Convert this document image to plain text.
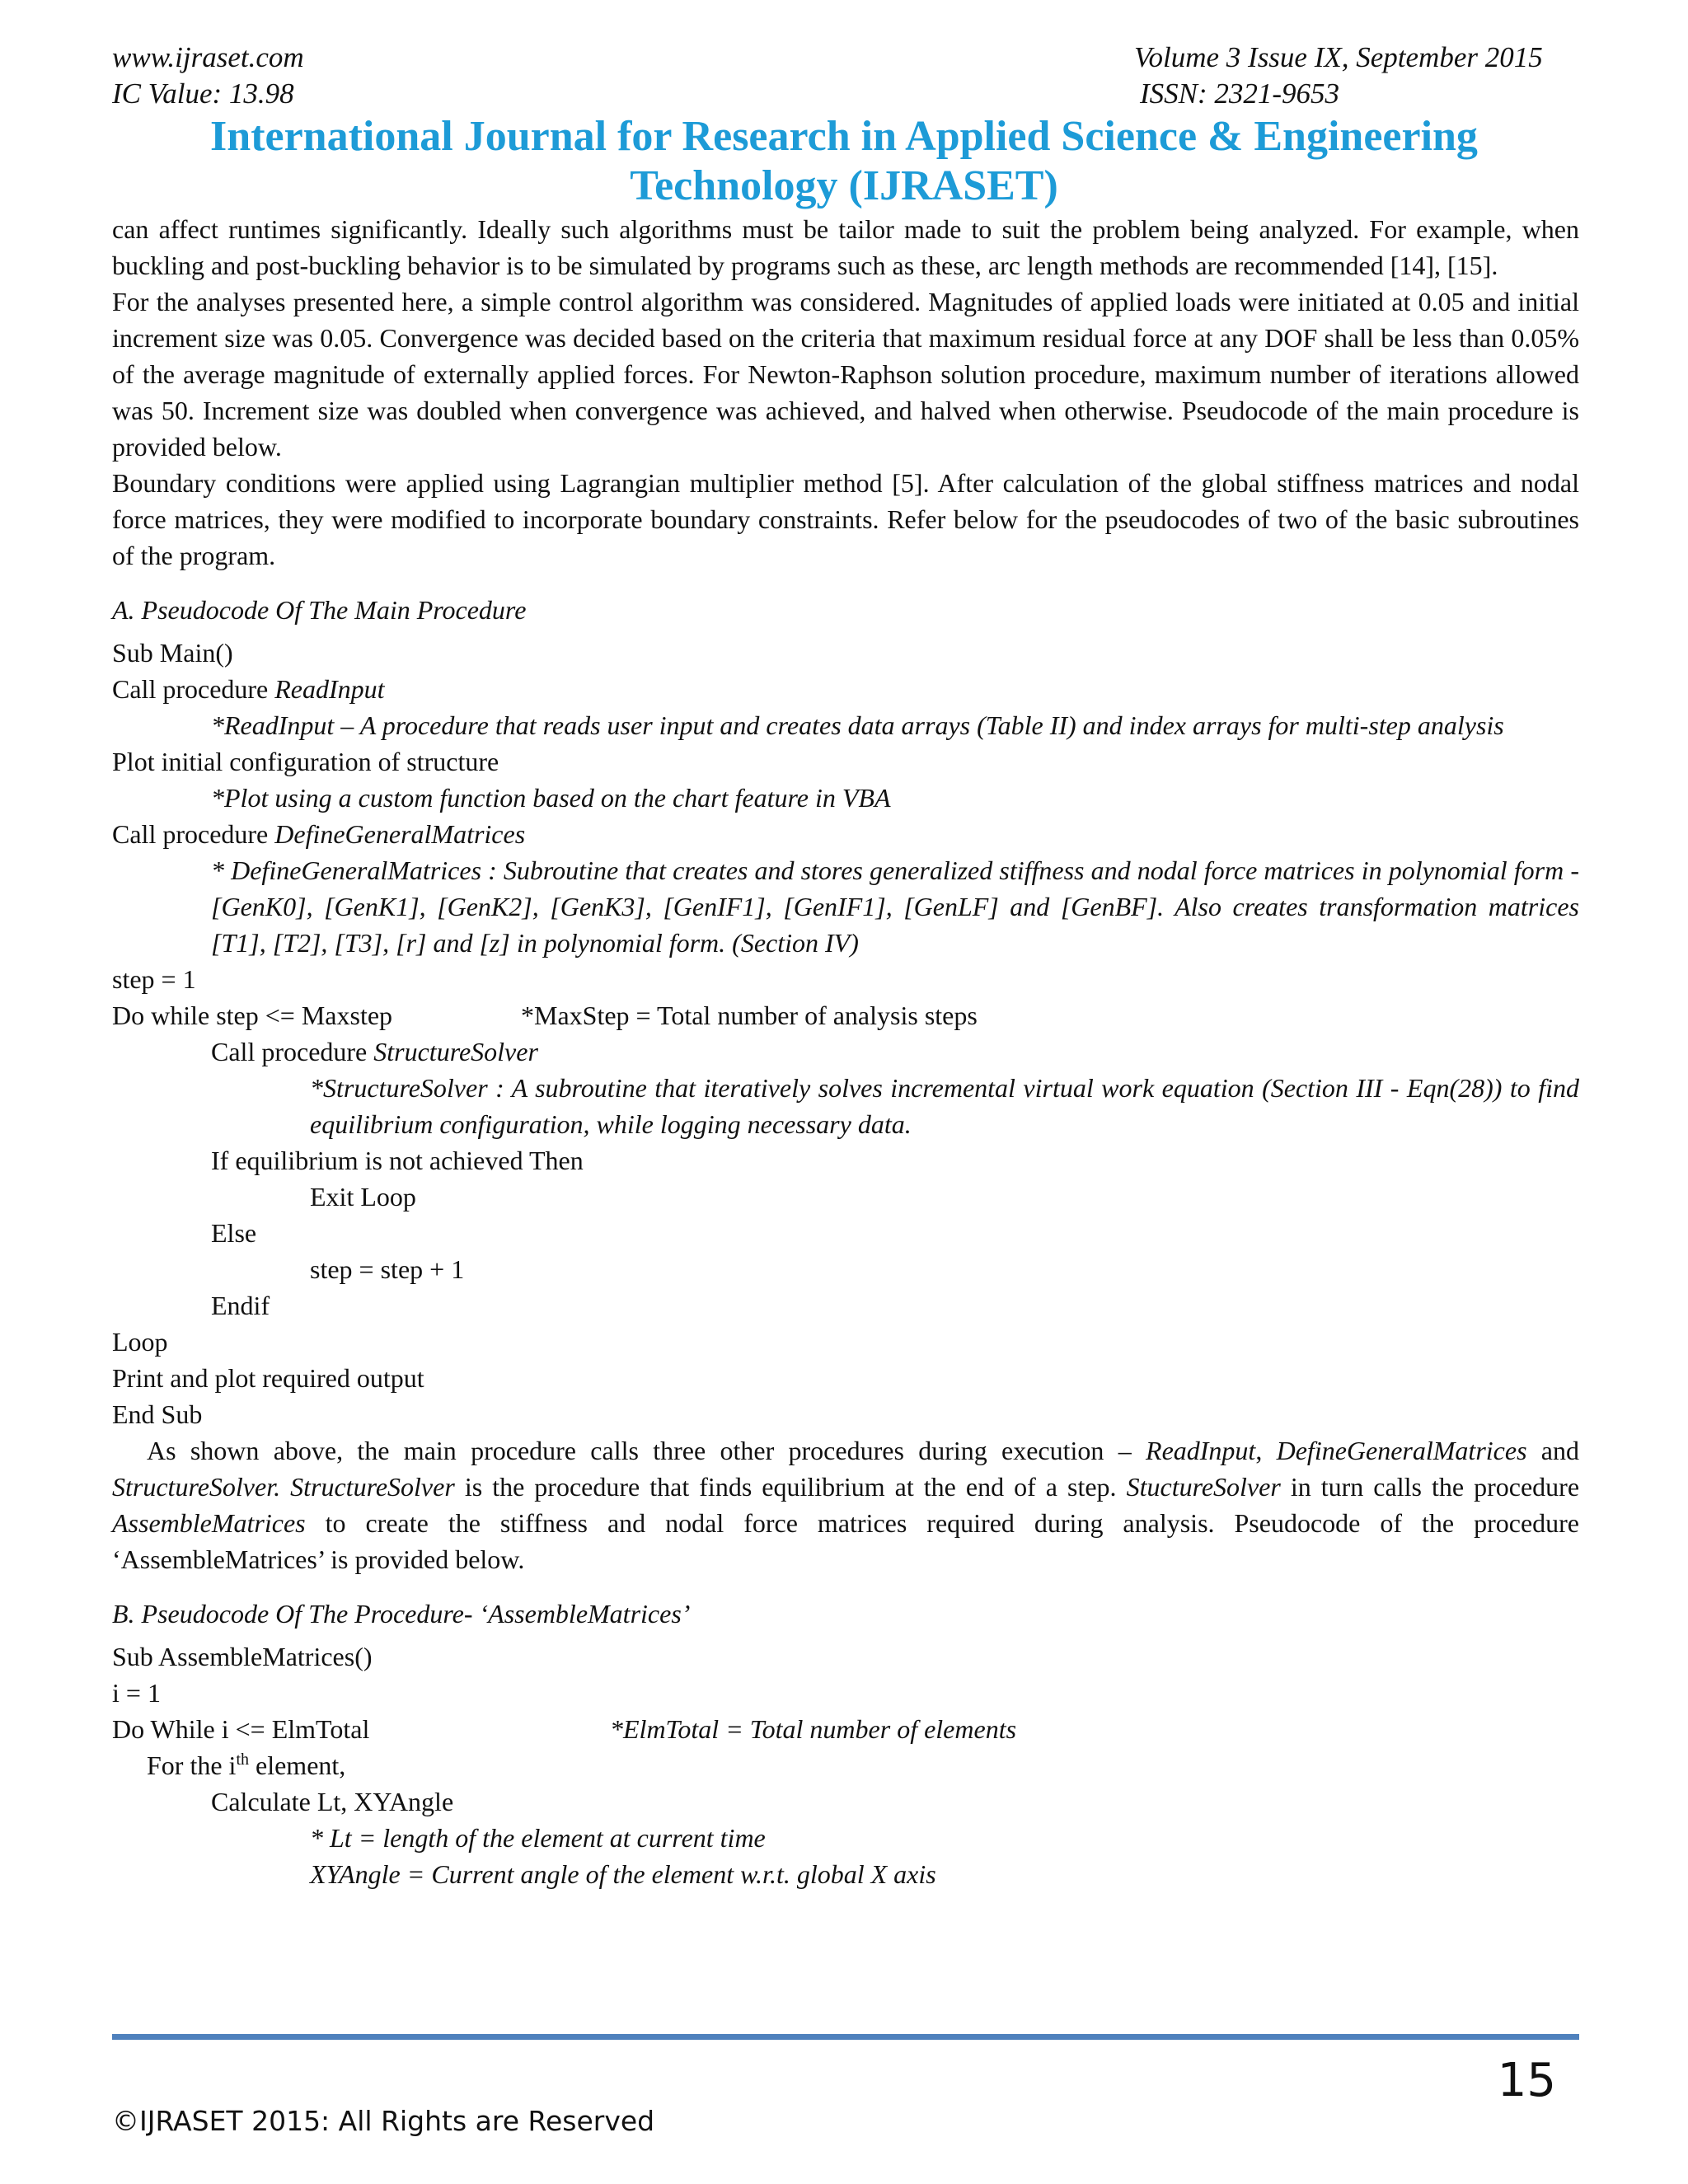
www.ijraset.com
IC Value: 13.98
Volume 3 Issue IX, September 2015
ISSN: 2321-9653
International Journal for Research in Applied Science & Engineering
Technology (IJRASET)

can affect runtimes significantly. Ideally such algorithms must be tailor made to suit the problem being analyzed. For example, when buckling and post-buckling behavior is to be simulated by programs such as these, arc length methods are recommended [14], [15].

For the analyses presented here, a simple control algorithm was considered. Magnitudes of applied loads were initiated at 0.05 and initial increment size was 0.05. Convergence was decided based on the criteria that maximum residual force at any DOF shall be less than 0.05% of the average magnitude of externally applied forces. For Newton-Raphson solution procedure, maximum number of iterations allowed was 50. Increment size was doubled when convergence was achieved, and halved when otherwise. Pseudocode of the main procedure is provided below.

Boundary conditions were applied using Lagrangian multiplier method [5]. After calculation of the global stiffness matrices and nodal force matrices, they were modified to incorporate boundary constraints. Refer below for the pseudocodes of two of the basic subroutines of the program.

A. Pseudocode Of The Main Procedure
Sub Main()
Call procedure ReadInput
*ReadInput – A procedure that reads user input and creates data arrays (Table II) and index arrays for multi-step analysis
Plot initial configuration of structure
*Plot using a custom function based on the chart feature in VBA
Call procedure DefineGeneralMatrices
* DefineGeneralMatrices : Subroutine that creates and stores generalized stiffness and nodal force matrices in polynomial form - [GenK0], [GenK1], [GenK2], [GenK3], [GenIF1], [GenIF1], [GenLF] and [GenBF]. Also creates transformation matrices [T1], [T2], [T3], [r] and [z] in polynomial form. (Section IV)
step = 1
Do while step <= Maxstep	*MaxStep = Total number of analysis steps
Call procedure StructureSolver
*StructureSolver : A subroutine that iteratively solves incremental virtual work equation (Section III - Eqn(28)) to find equilibrium configuration, while logging necessary data.
If equilibrium is not achieved Then
Exit Loop
Else
step = step + 1
Endif
Loop
Print and plot required output
End Sub

As shown above, the main procedure calls three other procedures during execution – ReadInput, DefineGeneralMatrices and StructureSolver. StructureSolver is the procedure that finds equilibrium at the end of a step. StuctureSolver in turn calls the procedure AssembleMatrices to create the stiffness and nodal force matrices required during analysis. Pseudocode of the procedure ‘AssembleMatrices’ is provided below.

B. Pseudocode Of The Procedure- ‘AssembleMatrices’
Sub AssembleMatrices()
i = 1
Do While i <= ElmTotal	*ElmTotal = Total number of elements
For the $i^{th}$ element,
Calculate Lt, XYAngle
* Lt = length of the element at current time
XYAngle = Current angle of the element w.r.t. global X axis
15
©IJRASET 2015: All Rights are Reserved
